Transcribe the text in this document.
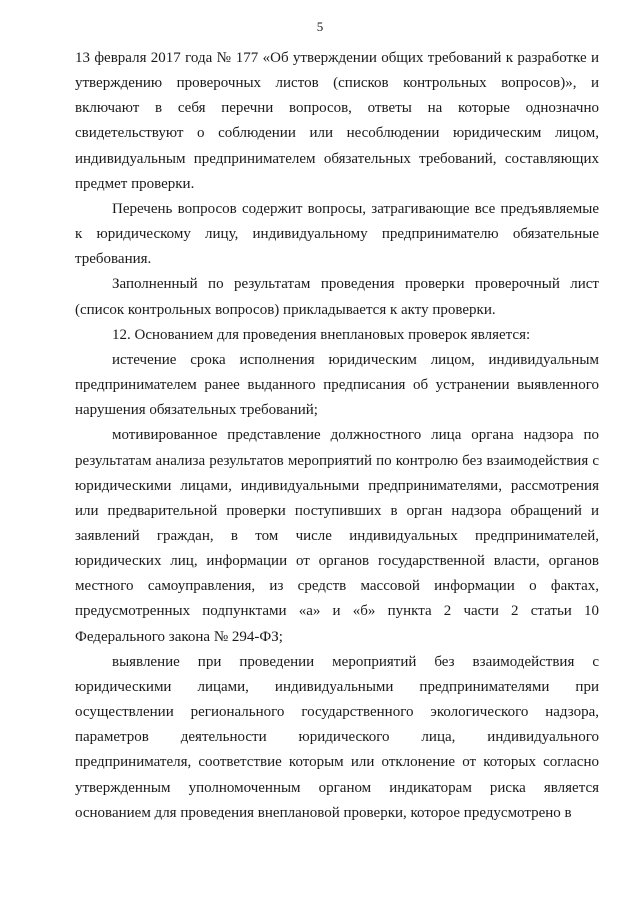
5

13 февраля 2017 года № 177 «Об утверждении общих требований к разработке и утверждению проверочных листов (списков контрольных вопросов)», и включают в себя перечни вопросов, ответы на которые однозначно свидетельствуют о соблюдении или несоблюдении юридическим лицом, индивидуальным предпринимателем обязательных требований, составляющих предмет проверки.

Перечень вопросов содержит вопросы, затрагивающие все предъявляемые к юридическому лицу, индивидуальному предпринимателю обязательные требования.

Заполненный по результатам проведения проверки проверочный лист (список контрольных вопросов) прикладывается к акту проверки.

12. Основанием для проведения внеплановых проверок является:

истечение срока исполнения юридическим лицом, индивидуальным предпринимателем ранее выданного предписания об устранении выявленного нарушения обязательных требований;

мотивированное представление должностного лица органа надзора по результатам анализа результатов мероприятий по контролю без взаимодействия с юридическими лицами, индивидуальными предпринимателями, рассмотрения или предварительной проверки поступивших в орган надзора обращений и заявлений граждан, в том числе индивидуальных предпринимателей, юридических лиц, информации от органов государственной власти, органов местного самоуправления, из средств массовой информации о фактах, предусмотренных подпунктами «а» и «б» пункта 2 части 2 статьи 10 Федерального закона № 294-ФЗ;

выявление при проведении мероприятий без взаимодействия с юридическими лицами, индивидуальными предпринимателями при осуществлении регионального государственного экологического надзора, параметров деятельности юридического лица, индивидуального предпринимателя, соответствие которым или отклонение от которых согласно утвержденным уполномоченным органом индикаторам риска является основанием для проведения внеплановой проверки, которое предусмотрено в
